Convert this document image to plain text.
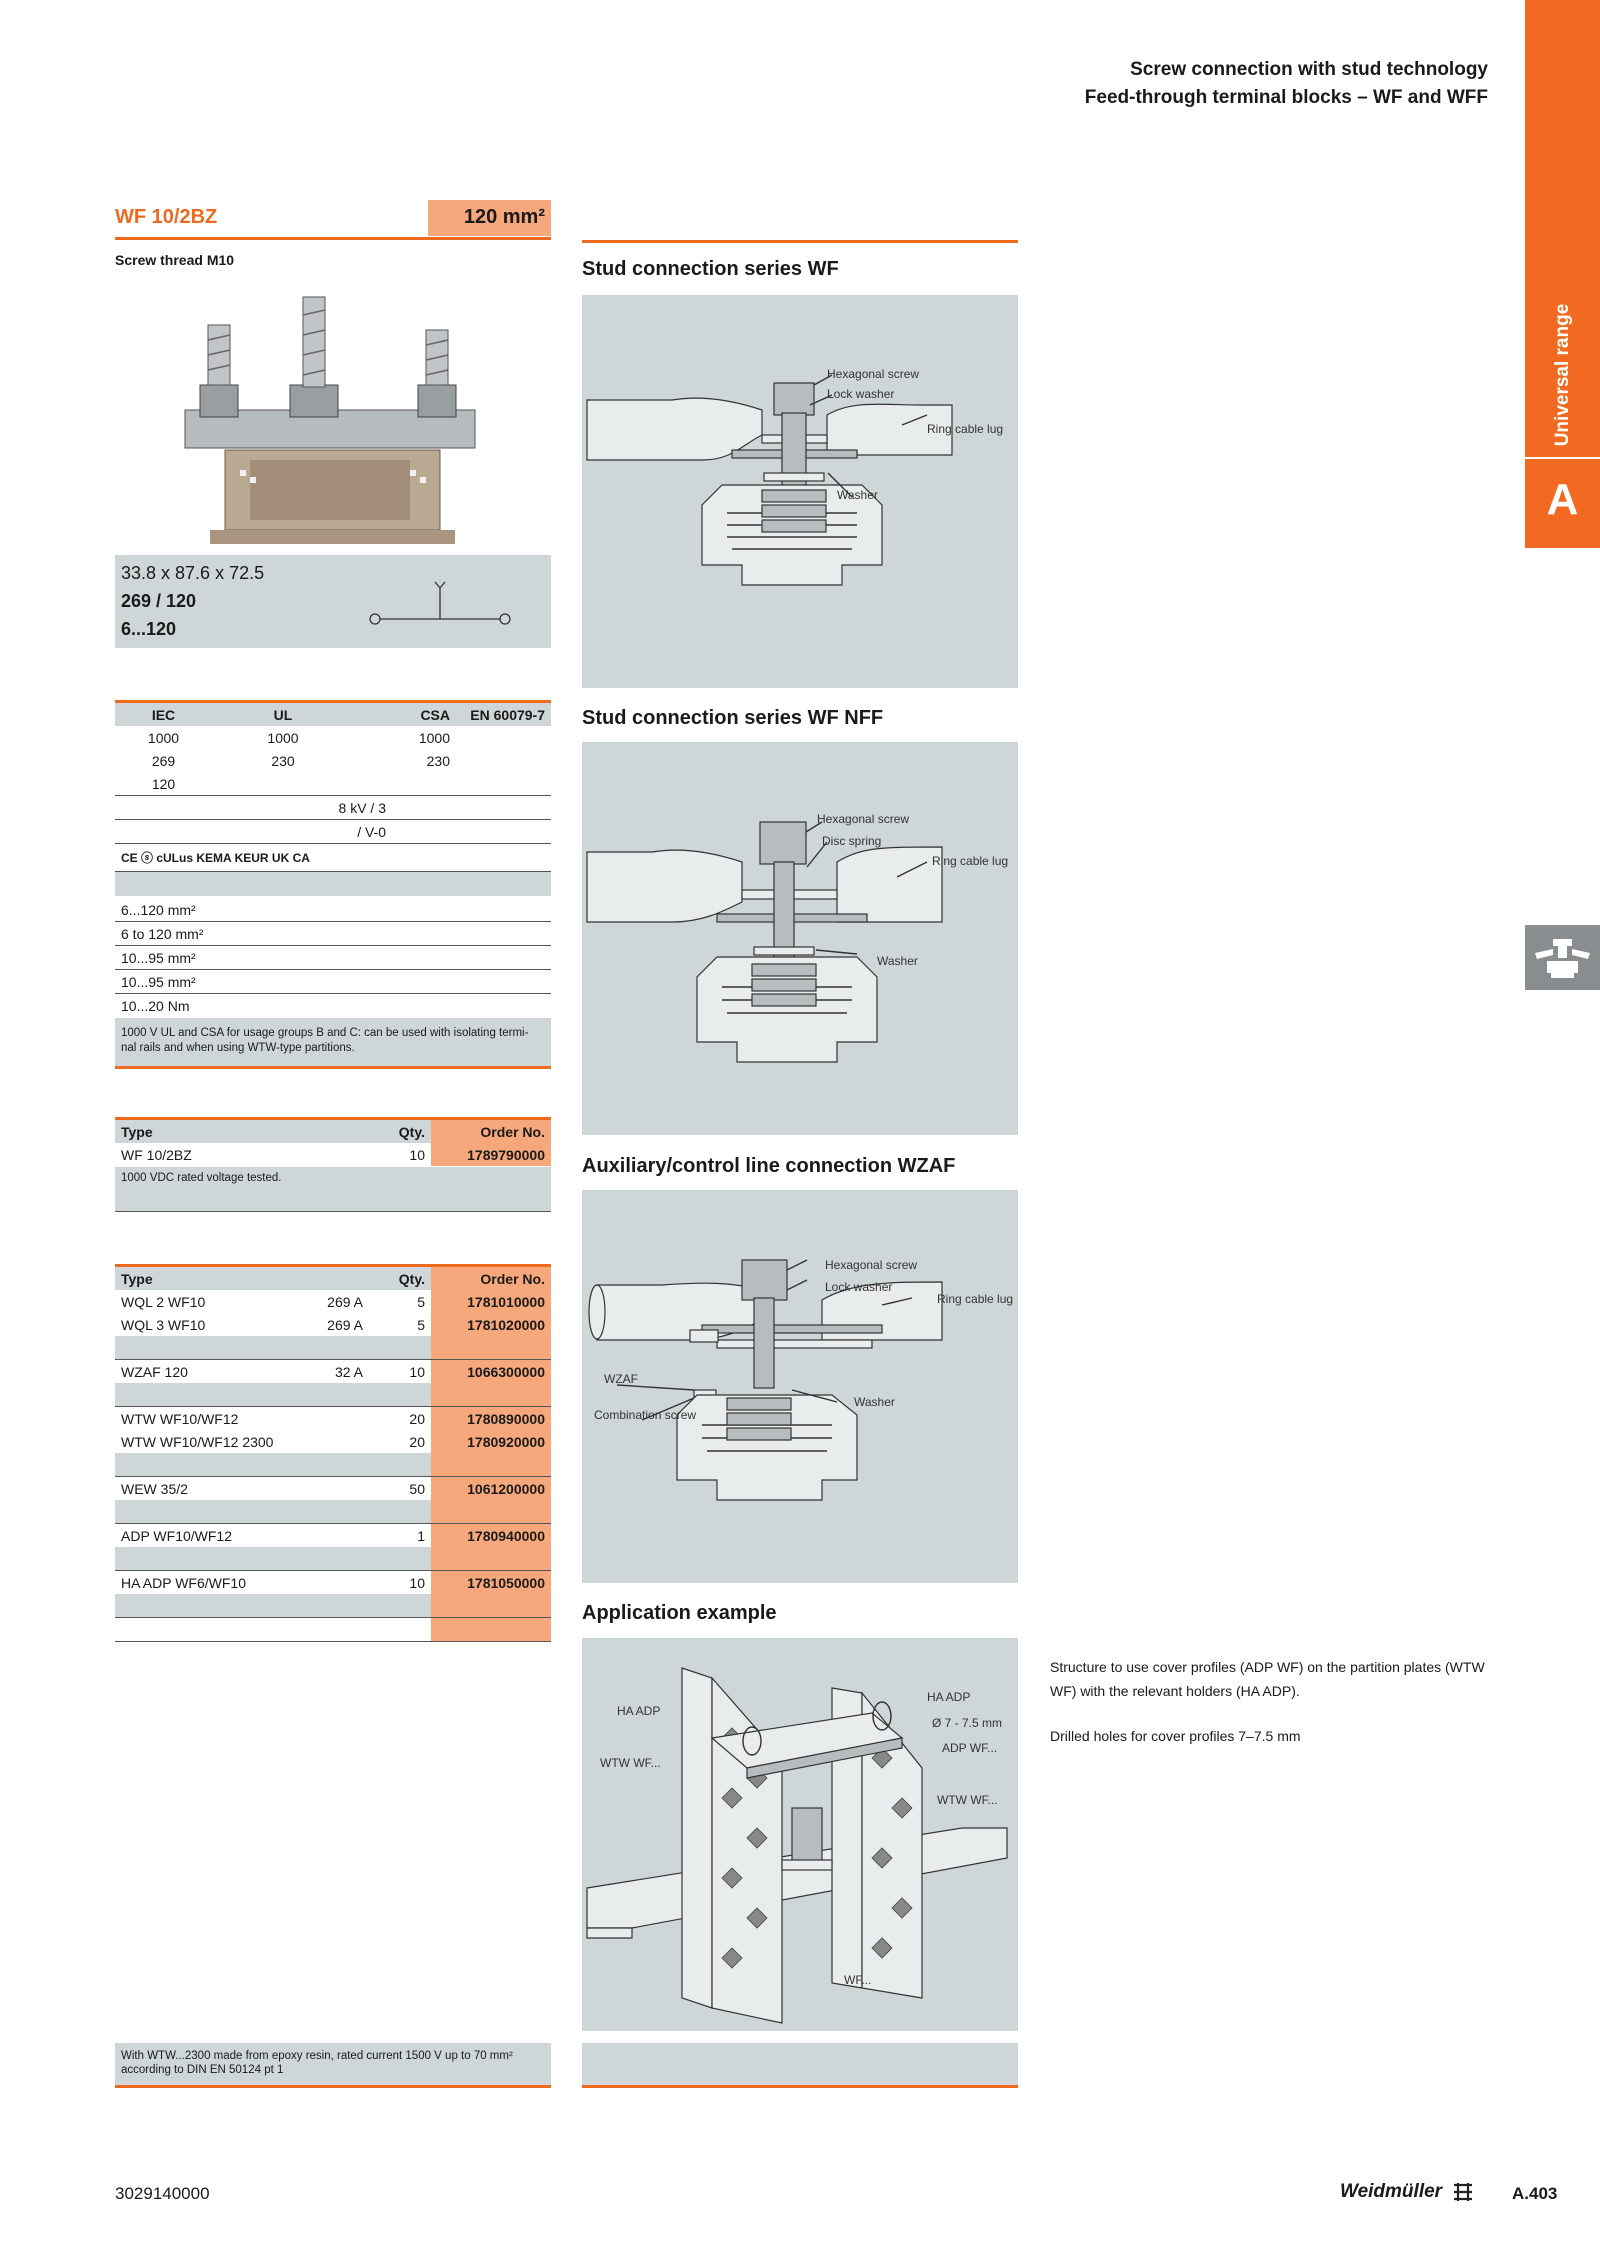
Screw connection with stud technology
Feed-through terminal blocks – WF and WFF
Universal range
A
WF 10/2BZ	120 mm²
Screw thread M10
33.8 x 87.6 x 72.5
269 / 120
6...120
IEC	UL	CSA	EN 60079-7
1000	1000	1000	
269	230	230	
120			
	8 kV / 3		
	/ V-0		
CE ⓢ cULus KEMA KEUR UK CA			
6...120 mm²
6 to 120 mm²
10...95 mm²
10...95 mm²
10...20 Nm
1000 V UL and CSA for usage groups B and C: can be used with isolating termi- nal rails and when using WTW-type partitions.
Type	Qty.	Order No.
WF 10/2BZ	10	1789790000
1000 VDC rated voltage tested.
Type		Qty.	Order No.
WQL 2 WF10	269 A	5	1781010000
WQL 3 WF10	269 A	5	1781020000

WZAF 120	32 A	10	1066300000

WTW WF10/WF12		20	1780890000
WTW WF10/WF12 2300		20	1780920000

WEW 35/2		50	1061200000

ADP WF10/WF12		1	1780940000

HA ADP WF6/WF10		10	1781050000

With WTW...2300 made from epoxy resin, rated current 1500 V up to 70 mm² according to DIN EN 50124 pt 1
Stud connection series WF
Hexagonal screw
Lock washer
Ring cable lug
Washer
Stud connection series WF NFF
Hexagonal screw
Disc spring
Ring cable lug
Washer
Auxiliary/control line connection WZAF
Hexagonal screw
Lock washer
Ring cable lug
WZAF
Washer
Combination screw
Application example
HA ADP
HA ADP
Ø 7 - 7.5 mm
ADP WF...
WTW WF...
WTW WF...
WF...
Structure to use cover profiles (ADP WF) on the partition plates (WTW WF) with the relevant holders (HA ADP).
Drilled holes for cover profiles 7–7.5 mm
3029140000	Weidmüller	A.403
